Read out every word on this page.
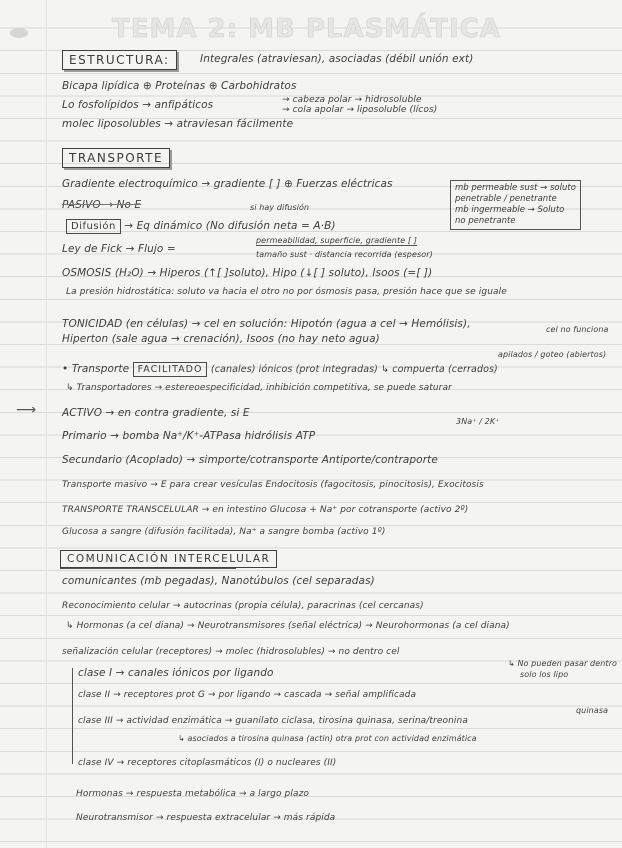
TEMA 2: MB PLASMÁTICA
ESTRUCTURA:	Integrales (atraviesan), asociadas (débil unión ext)
Bicapa lipídica ⊕ Proteínas ⊕ Carbohidratos
Lo fosfolípidos → anfipáticos	→ cabeza polar → hidrosoluble
→ cola apolar → liposoluble (lícos)
molec liposolubles → atraviesan fácilmente
TRANSPORTE
Gradiente electroquímico → gradiente [ ] ⊕ Fuerzas eléctricas	mb permeable sust → soluto
penetrable / penetrante
mb ingermeable → Soluto
no penetrante
PASIVO → No E	si hay difusión
Difusión → Eq dinámico (No difusión neta = A·B)
Ley de Fick → Flujo =
permeabilidad, superficie, gradiente [ ]
tamaño sust · distancia recorrida (espesor)
OSMOSIS (H₂O) → Hiperos (↑[ ]soluto), Hipo (↓[ ] soluto), Isoos (=[ ])
La presión hidrostática: soluto va hacia el otro no por ósmosis pasa, presión hace que se iguale
TONICIDAD (en células) → cel en solución: Hipotón (agua a cel → Hemólisis),
Hiperton (sale agua → crenación), Isoos (no hay neto agua)
cel no funciona
apilados / goteo (abiertos)
• Transporte FACILITADO (canales) iónicos (prot integradas) ↳ compuerta (cerrados)
↳ Transportadores → estereoespecificidad, inhibición competitiva, se puede saturar
⟶ ACTIVO → en contra gradiente, si E
3Na⁺ / 2K⁺
Primario → bomba Na⁺/K⁺-ATPasa hidrólisis ATP
Secundario (Acoplado) → simporte/cotransporte Antiporte/contraporte
Transporte masivo → E para crear vesículas Endocitosis (fagocitosis, pinocitosis), Exocitosis
TRANSPORTE TRANSCELULAR → en intestino Glucosa + Na⁺ por cotransporte (activo 2º)
Glucosa a sangre (difusión facilitada), Na⁺ a sangre bomba (activo 1º)
COMUNICACIÓN INTERCELULAR
comunicantes (mb pegadas), Nanotúbulos (cel separadas)
Reconocimiento celular → autocrinas (propia célula), paracrinas (cel cercanas)
↳ Hormonas (a cel diana) → Neurotransmisores (señal eléctrica) → Neurohormonas (a cel diana)
señalización celular (receptores) → molec (hidrosolubles) → no dentro cel
↳ No pueden pasar dentro
solo los lipo
clase I → canales iónicos por ligando
clase II → receptores prot G → por ligando → cascada → señal amplificada
quinasa
clase III → actividad enzimática → guanilato ciclasa, tirosina quinasa, serina/treonina
↳ asociados a tirosina quinasa (actin) otra prot con actividad enzimática
clase IV → receptores citoplasmáticos (I) o nucleares (II)
Hormonas → respuesta metabólica → a largo plazo
Neurotransmisor → respuesta extracelular → más rápida
